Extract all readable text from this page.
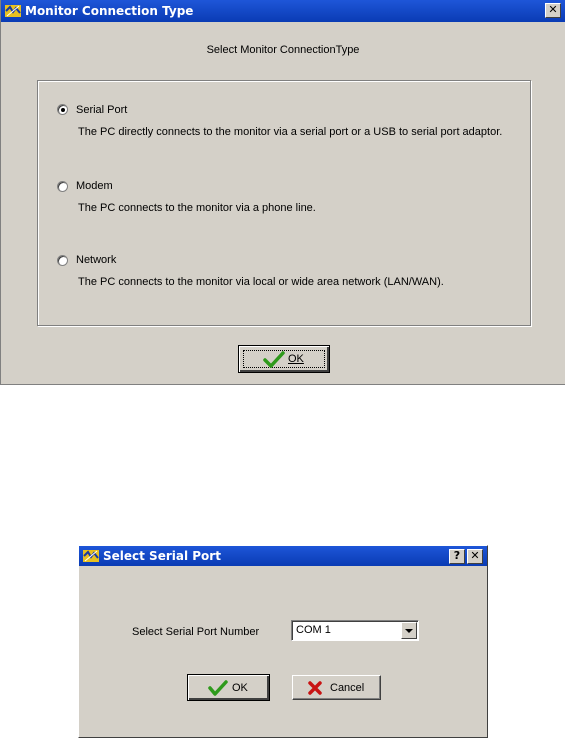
Monitor Connection Type	✕
Select Monitor ConnectionType
Serial Port
The PC directly connects to the monitor via a serial port or a USB to serial port adaptor.
Modem
The PC connects to the monitor via a phone line.
Network
The PC connects to the monitor via local or wide area network (LAN/WAN).
OK
Select Serial Port	? ✕
Select Serial Port Number	COM 1
OK	Cancel
